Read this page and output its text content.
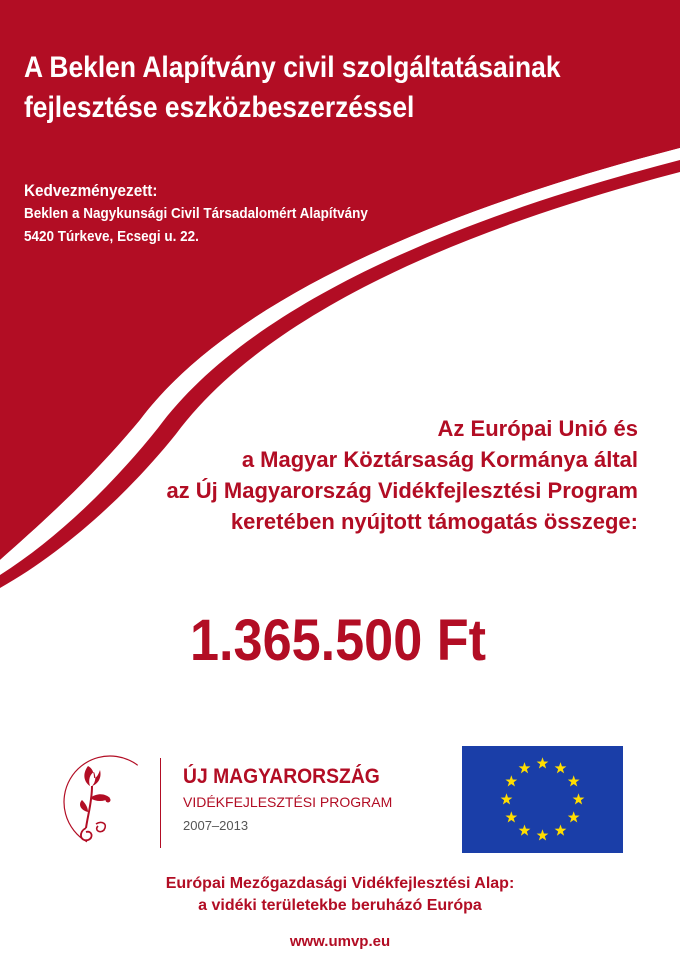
A Beklen Alapítvány civil szolgáltatásainak
fejlesztése eszközbeszerzéssel
Kedvezményezett:
Beklen a Nagykunsági Civil Társadalomért Alapítvány
5420 Túrkeve, Ecsegi u. 22.
Az Európai Unió és
a Magyar Köztársaság Kormánya által
az Új Magyarország Vidékfejlesztési Program
keretében nyújtott támogatás összege:
1.365.500 Ft
ÚJ MAGYARORSZÁG
VIDÉKFEJLESZTÉSI PROGRAM
2007–2013
Európai Mezőgazdasági Vidékfejlesztési Alap:
a vidéki területekbe beruházó Európa
www.umvp.eu
